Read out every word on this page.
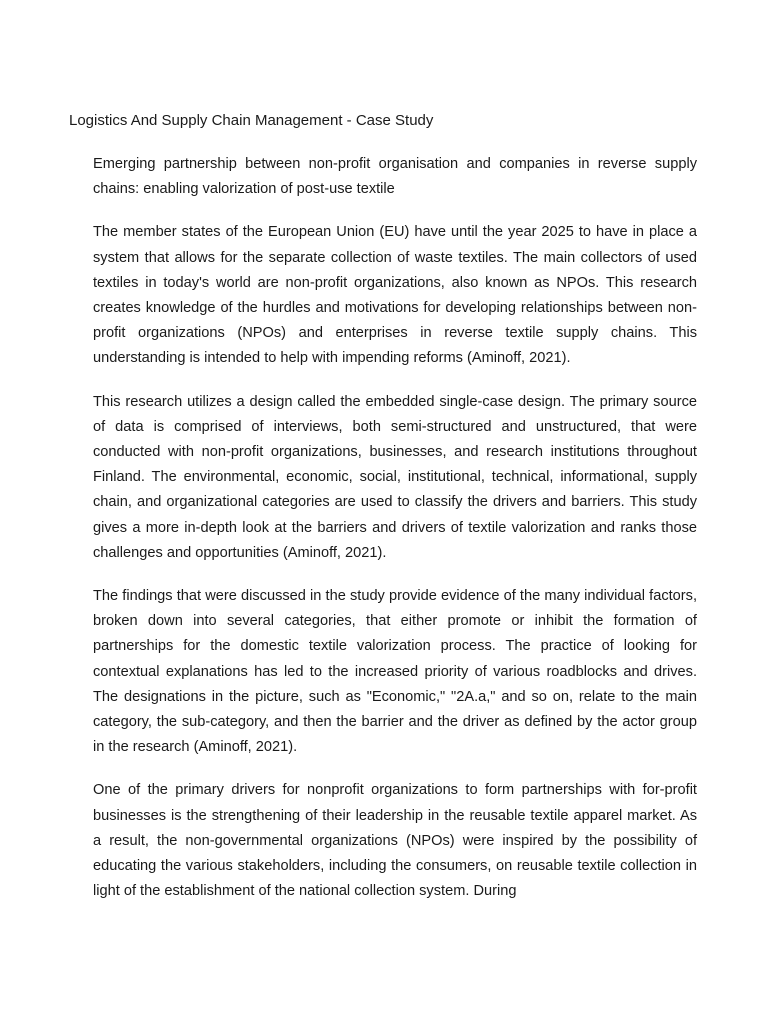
Logistics And Supply Chain Management - Case Study

Emerging partnership between non-profit organisation and companies in reverse supply chains: enabling valorization of post-use textile

The member states of the European Union (EU) have until the year 2025 to have in place a system that allows for the separate collection of waste textiles. The main collectors of used textiles in today's world are non-profit organizations, also known as NPOs. This research creates knowledge of the hurdles and motivations for developing relationships between non-profit organizations (NPOs) and enterprises in reverse textile supply chains. This understanding is intended to help with impending reforms (Aminoff, 2021).

This research utilizes a design called the embedded single-case design. The primary source of data is comprised of interviews, both semi-structured and unstructured, that were conducted with non-profit organizations, businesses, and research institutions throughout Finland. The environmental, economic, social, institutional, technical, informational, supply chain, and organizational categories are used to classify the drivers and barriers. This study gives a more in-depth look at the barriers and drivers of textile valorization and ranks those challenges and opportunities (Aminoff, 2021).

The findings that were discussed in the study provide evidence of the many individual factors, broken down into several categories, that either promote or inhibit the formation of partnerships for the domestic textile valorization process. The practice of looking for contextual explanations has led to the increased priority of various roadblocks and drives. The designations in the picture, such as "Economic," "2A.a," and so on, relate to the main category, the sub-category, and then the barrier and the driver as defined by the actor group in the research (Aminoff, 2021).

One of the primary drivers for nonprofit organizations to form partnerships with for-profit businesses is the strengthening of their leadership in the reusable textile apparel market. As a result, the non-governmental organizations (NPOs) were inspired by the possibility of educating the various stakeholders, including the consumers, on reusable textile collection in light of the establishment of the national collection system. During
